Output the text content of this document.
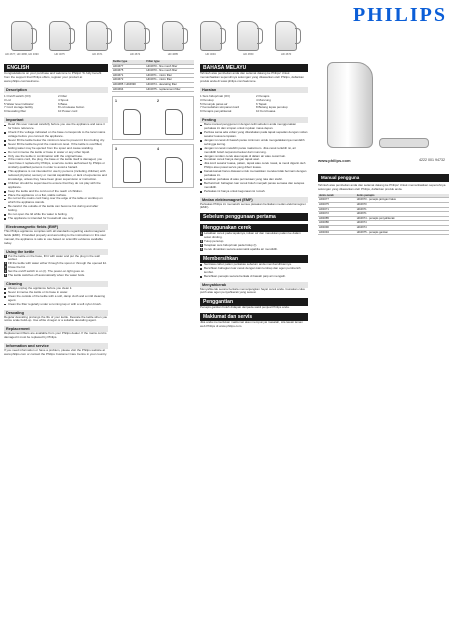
HD 4677, HD 4686, HD 4690	HD 4675	HD 4671	HD 4672	HD 4685	HD 4694	HD 4650	HD 4670
PHILIPS
www.philips.com	4222 001 94732
ENGLISH
Congratulations on your purchase and welcome to Philips! To fully benefit from the support that Philips offers, register your product at www.philips.com/welcome.
Description
1 On/off switch (O/I)	2 Filter
3 Lid	4 Spout
5 Water level indicator	6 Base
7 Cord storage facility	8 Lid release button
9 Descaling filter	10 Power cord
Important
Read this user manual carefully before you use the appliance and save it for future reference.
Check if the voltage indicated on the base corresponds to the local mains voltage before you connect the appliance.
Never fill the kettle below the minimum level to prevent it from boiling dry.
Never fill the kettle beyond the maximum level. If the kettle is overfilled, boiling water may be ejected from the spout and cause scalding.
Do not immerse the kettle or base in water or any other liquid.
Only use the kettle in combination with the original base.
If the mains cord, the plug, the base or the kettle itself is damaged, you must have it replaced by Philips, a service centre authorised by Philips or similarly qualified persons in order to avoid a hazard.
This appliance is not intended for use by persons (including children) with reduced physical, sensory or mental capabilities, or lack of experience and knowledge, unless they have been given supervision or instruction.
Children should be supervised to ensure that they do not play with the appliance.
Keep the kettle and the cord out of the reach of children.
Place the appliance on a flat, stable surface.
Do not let the mains cord hang over the edge of the table or worktop on which the appliance stands.
Be careful: the outside of the kettle can become hot during and after boiling.
Do not open the lid while the water is boiling.
The appliance is intended for household use only.
Electromagnetic fields (EMF)
This Philips appliance complies with all standards regarding electromagnetic fields (EMF). If handled properly and according to the instructions in this user manual, the appliance is safe to use based on scientific evidence available today.
Using the kettle
1 Put the kettle on the base, fill it with water and put the plug in the wall socket.
2 Fill the kettle with water either through the spout or through the opened lid.
3 Close the lid.
4 Set the on/off switch to on (I). The power-on light goes on.
5 The kettle switches off automatically when the water boils.
Cleaning
Always unplug the appliance before you clean it.
Never immerse the kettle or its base in water.
Clean the outside of the kettle with a soft, damp cloth and a mild cleaning agent.
Clean the filter regularly under a running tap or with a soft nylon brush.
Descaling
Regular descaling prolongs the life of your kettle. Descale the kettle when you notice scale build-up. Use white vinegar or a suitable descaling agent.
Replacement
Replacement filters are available from your Philips dealer. If the mains cord is damaged it must be replaced by Philips.
Information and service
If you need information or have a problem, please visit the Philips website at www.philips.com or contact the Philips Customer Care Centre in your country.
Kettle type	Filter type
HD4677	HD4970 - fine mesh filter
HD4675	HD4970 - fine mesh filter
HD4671	HD4971 - micro filter
HD4672	HD4971 - micro filter
HD4685 / HD4690	HD4974 - descaling filter
HD4694	HD4975 - replacement filter
1	2
3	4
BAHASA MELAYU
Tahniah atas pembelian anda dan selamat datang ke Philips! Untuk memanfaatkan sepenuhnya sokongan yang ditawarkan oleh Philips, daftarkan produk anda di www.philips.com/welcome.
Huraian
1 Suis hidup/mati (O/I)	2 Penapis
3 Penutup	4 Muncung
5 Penunjuk paras air	6 Tapak
7 Kemudahan simpanan kord	8 Butang lepas penutup
9 Penapis penyahkerak	10 Kord kuasa
Penting
Baca manual pengguna ini dengan teliti sebelum anda menggunakan perkakas ini dan simpan untuk rujukan masa depan.
Periksa sama ada voltan yang ditandakan pada tapak sepadan dengan voltan sesalur kuasa tempatan.
Jangan isi cerek di bawah paras minimum untuk mengelakkannya mendidih sehingga kering.
Jangan isi cerek melebihi paras maksimum. Jika cerek terlebih isi, air mendidih boleh terpancut keluar dari muncung.
Jangan rendam cerek atau tapak di dalam air atau cecair lain.
Gunakan cerek hanya dengan tapak asal.
Jika kord sesalur kuasa, palam, tapak atau cerek rosak, ia mesti diganti oleh Philips atau pusat servis yang diberi kuasa.
Kanak-kanak harus diawasi untuk memastikan mereka tidak bermain dengan perkakas ini.
Letakkan perkakas di atas permukaan yang rata dan stabil.
Berhati-hati: bahagian luar cerek boleh menjadi panas semasa dan selepas mendidih.
Perkakas ini hanya untuk kegunaan isi rumah.
Medan elektromagnet (EMF)
Perkakas Philips ini mematuhi semua piawaian berkaitan medan elektromagnet (EMF).
Sebelum penggunaan pertama
Menggunakan cerek
1 Letakkan cerek pada tapaknya, isikan air dan masukkan palam ke dalam soket dinding.
2 Tutup penutup.
3 Tetapkan suis hidup/mati pada hidup (I).
4 Cerek dimatikan secara automatik apabila air mendidih.
Membersihkan
Sentiasa cabut palam perkakas sebelum anda membersihkannya.
Bersihkan bahagian luar cerek dengan kain lembap dan agen pembersih lembut.
Bersihkan penapis secara berkala di bawah paip air mengalir.
Menyahkerak
Menyahkerak secara berkala memanjangkan hayat cerek anda. Gunakan cuka putih atau agen penyahkerak yang sesuai.
Penggantian
Penapis gantian boleh didapati daripada wakil penjual Philips anda.
Maklumat dan servis
Jika anda memerlukan maklumat atau mempunyai masalah, sila lawati laman web Philips di www.philips.com.
Manual pengguna
Tahniah atas pembelian anda dan selamat datang ke Philips! Untuk memanfaatkan sepenuhnya sokongan yang ditawarkan oleh Philips, daftarkan produk anda.
Jenis cerek	Jenis penapis
HD4677	HD4970 - penapis jaringan halus
HD4675	HD4970
HD4671	HD4971
HD4672	HD4971
HD4685	HD4974 - penapis penyahkerak
HD4686	HD4974
HD4690	HD4974
HD4694	HD4975 - penapis gantian
